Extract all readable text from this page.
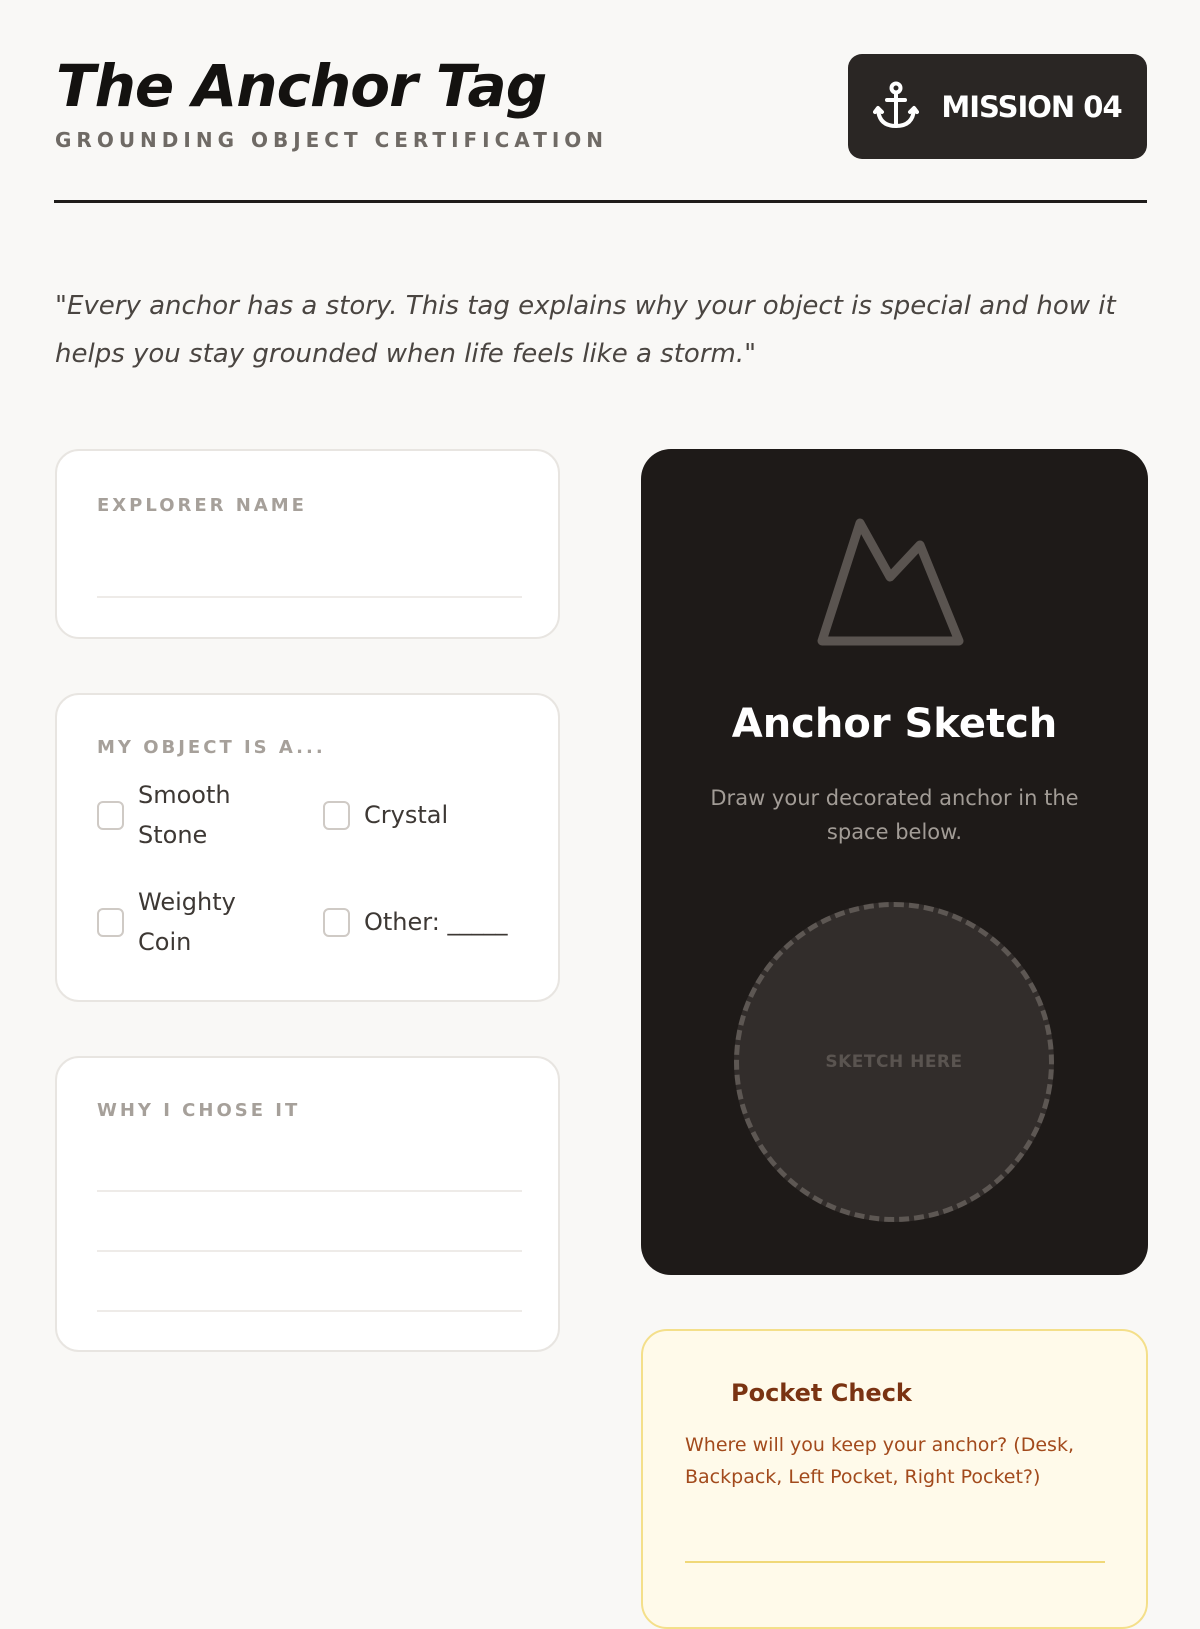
The Anchor Tag
GROUNDING OBJECT CERTIFICATION
MISSION 04
"Every anchor has a story. This tag explains why your object is special and how it helps you stay grounded when life feels like a storm."
EXPLORER NAME
MY OBJECT IS A...
Smooth Stone
Crystal
Weighty Coin
Other: _____
WHY I CHOSE IT
Anchor Sketch
Draw your decorated anchor in the space below.
SKETCH HERE
Pocket Check
Where will you keep your anchor? (Desk, Backpack, Left Pocket, Right Pocket?)
